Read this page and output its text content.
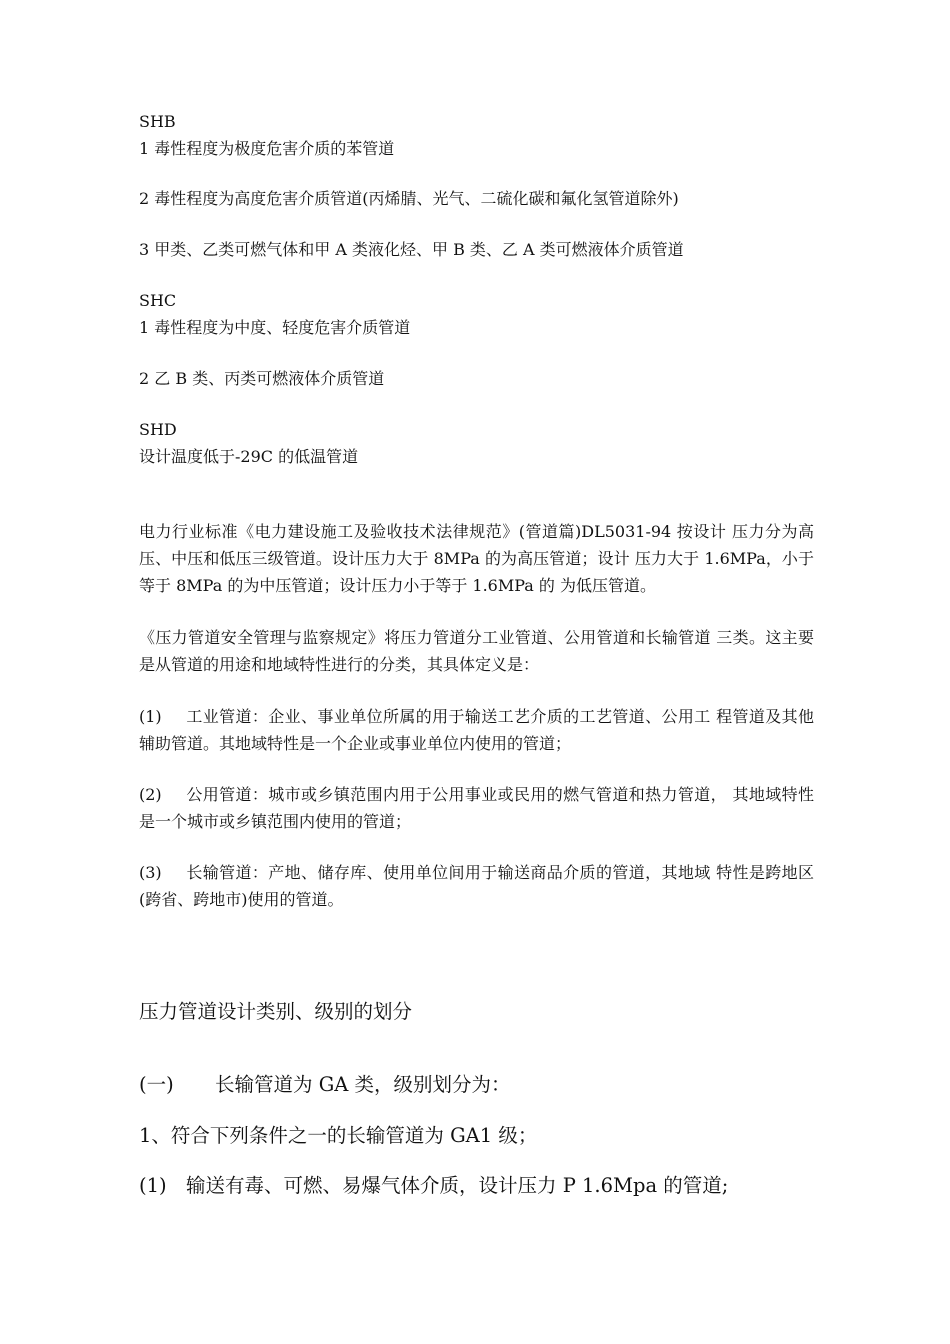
SHB
1 毒性程度为极度危害介质的苯管道
2 毒性程度为高度危害介质管道(丙烯腈、光气、二硫化碳和氟化氢管道除外)
3 甲类、乙类可燃气体和甲 A 类液化烃、甲 B 类、乙 A 类可燃液体介质管道
SHC
1 毒性程度为中度、轻度危害介质管道
2 乙 B 类、丙类可燃液体介质管道
SHD
设计温度低于-29C 的低温管道
电力行业标准《电力建设施工及验收技术法律规范》(管道篇)DL5031-94 按设计 压力分为高压、中压和低压三级管道。设计压力大于 8MPa 的为高压管道；设计 压力大于 1.6MPa，小于等于 8MPa 的为中压管道；设计压力小于等于 1.6MPa 的 为低压管道。
《压力管道安全管理与监察规定》将压力管道分工业管道、公用管道和长输管道 三类。这主要是从管道的用途和地域特性进行的分类，其具体定义是：
(1) 工业管道：企业、事业单位所属的用于输送工艺介质的工艺管道、公用工 程管道及其他辅助管道。其地域特性是一个企业或事业单位内使用的管道；
(2) 公用管道：城市或乡镇范围内用于公用事业或民用的燃气管道和热力管道， 其地域特性是一个城市或乡镇范围内使用的管道；
(3) 长输管道：产地、储存库、使用单位间用于输送商品介质的管道，其地域 特性是跨地区(跨省、跨地市)使用的管道。
压力管道设计类别、级别的划分
(一) 长输管道为 GA 类，级别划分为：
1、符合下列条件之一的长输管道为 GA1 级；
(1) 输送有毒、可燃、易爆气体介质，设计压力 P 1.6Mpa 的管道;
